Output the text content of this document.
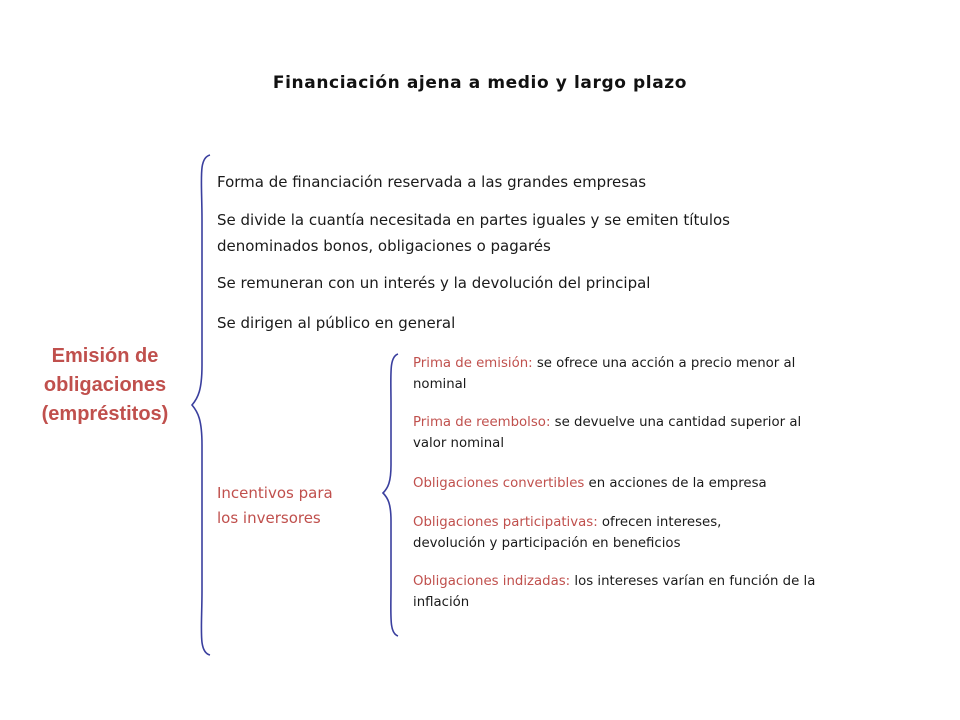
Financiación ajena a medio y largo plazo
Emisión de
obligaciones
(empréstitos)
Forma de financiación reservada a las grandes empresas
Se divide la cuantía necesitada en partes iguales y se emiten títulos
denominados bonos, obligaciones o pagarés
Se remuneran con un interés y la devolución del principal
Se dirigen al público en general
Incentivos para
los inversores
Prima de emisión: se ofrece una acción a precio menor al
nominal
Prima de reembolso: se devuelve una cantidad superior al
valor nominal
Obligaciones convertibles en acciones de la empresa
Obligaciones participativas: ofrecen intereses,
devolución y participación en beneficios
Obligaciones indizadas: los intereses varían en función de la
inflación
